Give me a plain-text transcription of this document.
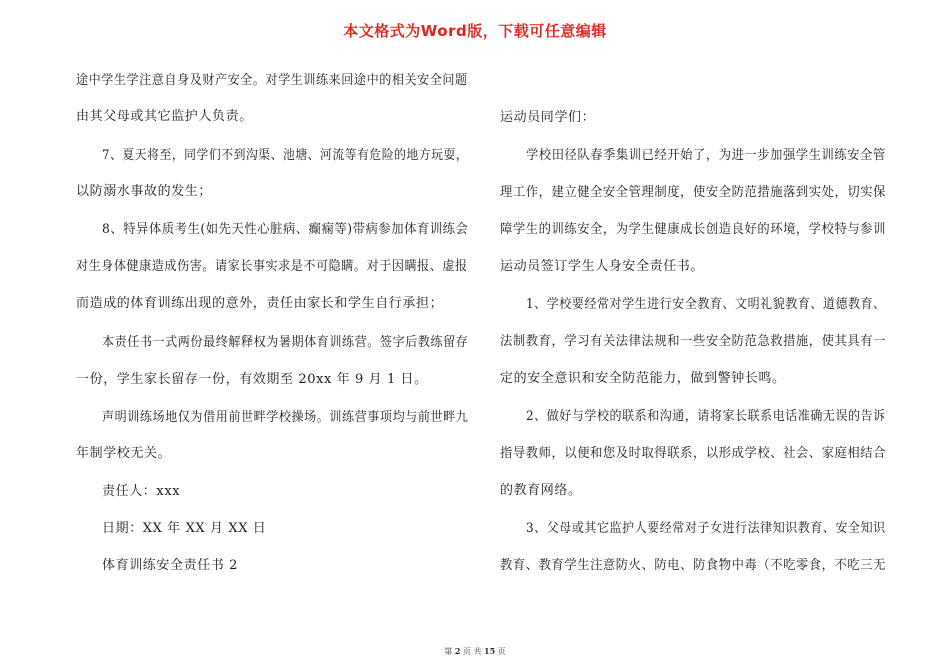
本文格式为Word版，下载可任意编辑
途中学生学注意自身及财产安全。对学生训练来回途中的相关安全问题
由其父母或其它监护人负责。
7、夏天将至，同学们不到沟渠、池塘、河流等有危险的地方玩耍，
以防溺水事故的发生；
8、特异体质考生(如先天性心脏病、癫痫等)带病参加体育训练会
对生身体健康造成伤害。请家长事实求是不可隐瞒。对于因瞒报、虚报
而造成的体育训练出现的意外，责任由家长和学生自行承担；
本责任书一式两份最终解释权为暑期体育训练营。签字后教练留存
一份，学生家长留存一份，有效期至 20xx 年 9 月 1 日。
声明训练场地仅为借用前世畔学校操场。训练营事项均与前世畔九
年制学校无关。
责任人：xxx
日期：XX 年 XX 月 XX 日
体育训练安全责任书 2
运动员同学们：
学校田径队春季集训已经开始了，为进一步加强学生训练安全管
理工作，建立健全安全管理制度，使安全防范措施落到实处，切实保
障学生的训练安全，为学生健康成长创造良好的环境，学校特与参训
运动员签订学生人身安全责任书。
1、学校要经常对学生进行安全教育、文明礼貌教育、道德教育、
法制教育，学习有关法律法规和一些安全防范急救措施，使其具有一
定的安全意识和安全防范能力，做到警钟长鸣。
2、做好与学校的联系和沟通，请将家长联系电话准确无误的告诉
指导教师，以便和您及时取得联系，以形成学校、社会、家庭相结合
的教育网络。
3、父母或其它监护人要经常对子女进行法律知识教育、安全知识
教育、教育学生注意防火、防电、防食物中毒（不吃零食，不吃三无
第 2 页 共 15 页
